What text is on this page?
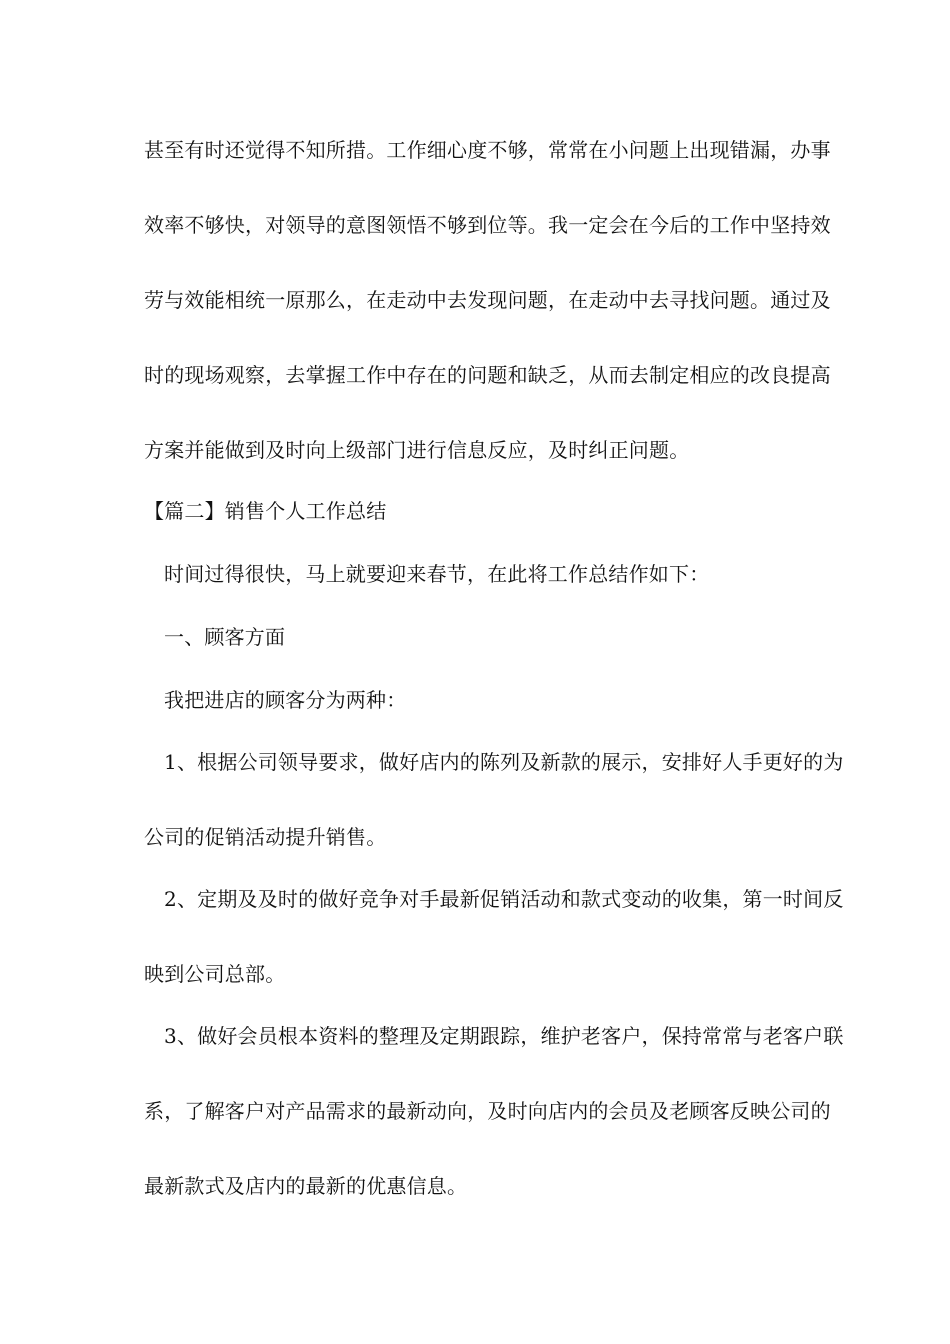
甚至有时还觉得不知所措。工作细心度不够，常常在小问题上出现错漏，办事
效率不够快，对领导的意图领悟不够到位等。我一定会在今后的工作中坚持效
劳与效能相统一原那么，在走动中去发现问题，在走动中去寻找问题。通过及
时的现场观察，去掌握工作中存在的问题和缺乏，从而去制定相应的改良提高
方案并能做到及时向上级部门进行信息反应，及时纠正问题。
【篇二】销售个人工作总结
时间过得很快，马上就要迎来春节，在此将工作总结作如下：
一、顾客方面
我把进店的顾客分为两种：
1、根据公司领导要求，做好店内的陈列及新款的展示，安排好人手更好的为
公司的促销活动提升销售。
2、定期及及时的做好竞争对手最新促销活动和款式变动的收集，第一时间反
映到公司总部。
3、做好会员根本资料的整理及定期跟踪，维护老客户，保持常常与老客户联
系，了解客户对产品需求的最新动向，及时向店内的会员及老顾客反映公司的
最新款式及店内的最新的优惠信息。
